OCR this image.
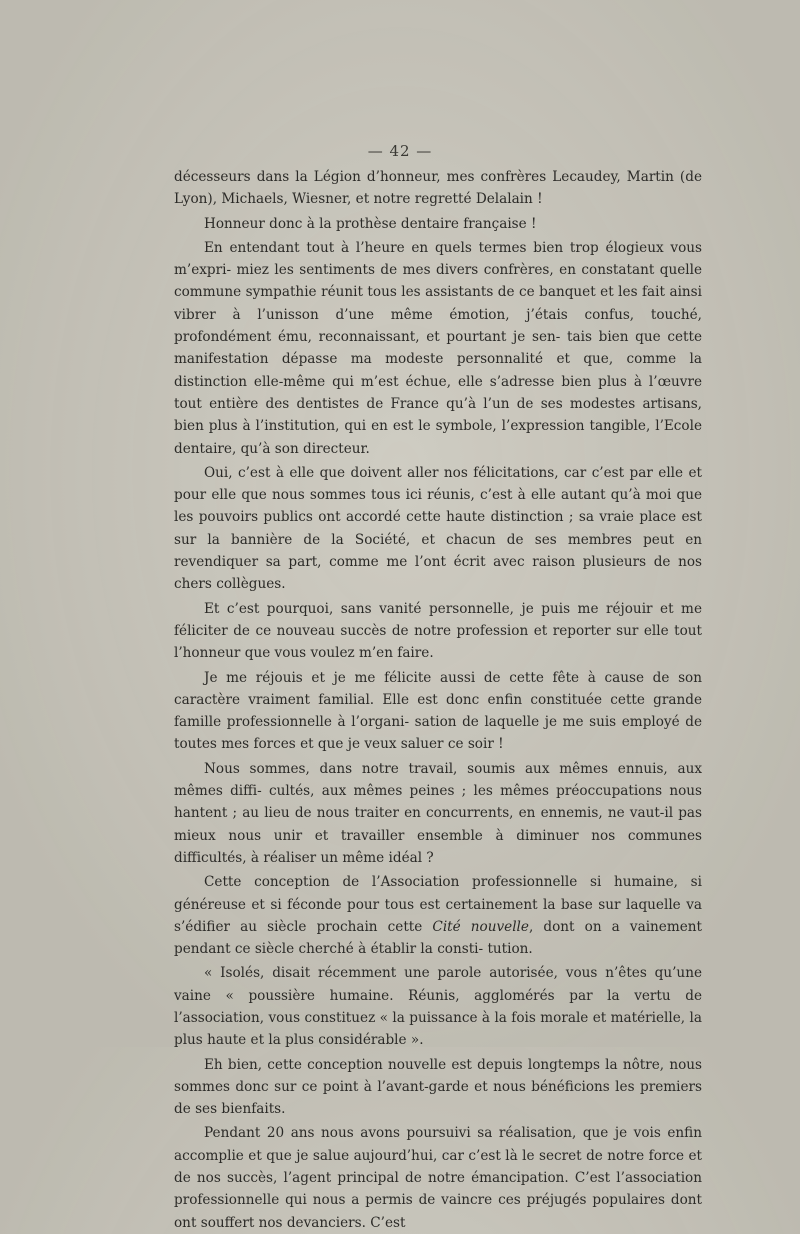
— 42 —

décesseurs dans la Légion d’honneur, mes confrères Lecaudey, Martin (de Lyon), Michaels, Wiesner, et notre regretté Delalain !

Honneur donc à la prothèse dentaire française !

En entendant tout à l’heure en quels termes bien trop élogieux vous m’expri- miez les sentiments de mes divers confrères, en constatant quelle commune sympathie réunit tous les assistants de ce banquet et les fait ainsi vibrer à l’unisson d’une même émotion, j’étais confus, touché, profondément ému, reconnaissant, et pourtant je sen- tais bien que cette manifestation dépasse ma modeste personnalité et que, comme la distinction elle-même qui m’est échue, elle s’adresse bien plus à l’œuvre tout entière des dentistes de France qu’à l’un de ses modestes artisans, bien plus à l’institution, qui en est le symbole, l’expression tangible, l’Ecole dentaire, qu’à son directeur.

Oui, c’est à elle que doivent aller nos félicitations, car c’est par elle et pour elle que nous sommes tous ici réunis, c’est à elle autant qu’à moi que les pouvoirs publics ont accordé cette haute distinction ; sa vraie place est sur la bannière de la Société, et chacun de ses membres peut en revendiquer sa part, comme me l’ont écrit avec raison plusieurs de nos chers collègues.

Et c’est pourquoi, sans vanité personnelle, je puis me réjouir et me féliciter de ce nouveau succès de notre profession et reporter sur elle tout l’honneur que vous voulez m’en faire.

Je me réjouis et je me félicite aussi de cette fête à cause de son caractère vraiment familial. Elle est donc enfin constituée cette grande famille professionnelle à l’organi- sation de laquelle je me suis employé de toutes mes forces et que je veux saluer ce soir !

Nous sommes, dans notre travail, soumis aux mêmes ennuis, aux mêmes diffi- cultés, aux mêmes peines ; les mêmes préoccupations nous hantent ; au lieu de nous traiter en concurrents, en ennemis, ne vaut-il pas mieux nous unir et travailler ensemble à diminuer nos communes difficultés, à réaliser un même idéal ?

Cette conception de l’Association professionnelle si humaine, si généreuse et si féconde pour tous est certainement la base sur laquelle va s’édifier au siècle prochain cette Cité nouvelle, dont on a vainement pendant ce siècle cherché à établir la consti- tution.

« Isolés, disait récemment une parole autorisée, vous n’êtes qu’une vaine « poussière humaine. Réunis, agglomérés par la vertu de l’association, vous constituez « la puissance à la fois morale et matérielle, la plus haute et la plus considérable ».

Eh bien, cette conception nouvelle est depuis longtemps la nôtre, nous sommes donc sur ce point à l’avant-garde et nous bénéficions les premiers de ses bienfaits.

Pendant 20 ans nous avons poursuivi sa réalisation, que je vois enfin accomplie et que je salue aujourd’hui, car c’est là le secret de notre force et de nos succès, l’agent principal de notre émancipation. C’est l’association professionnelle qui nous a permis de vaincre ces préjugés populaires dont ont souffert nos devanciers. C’est
